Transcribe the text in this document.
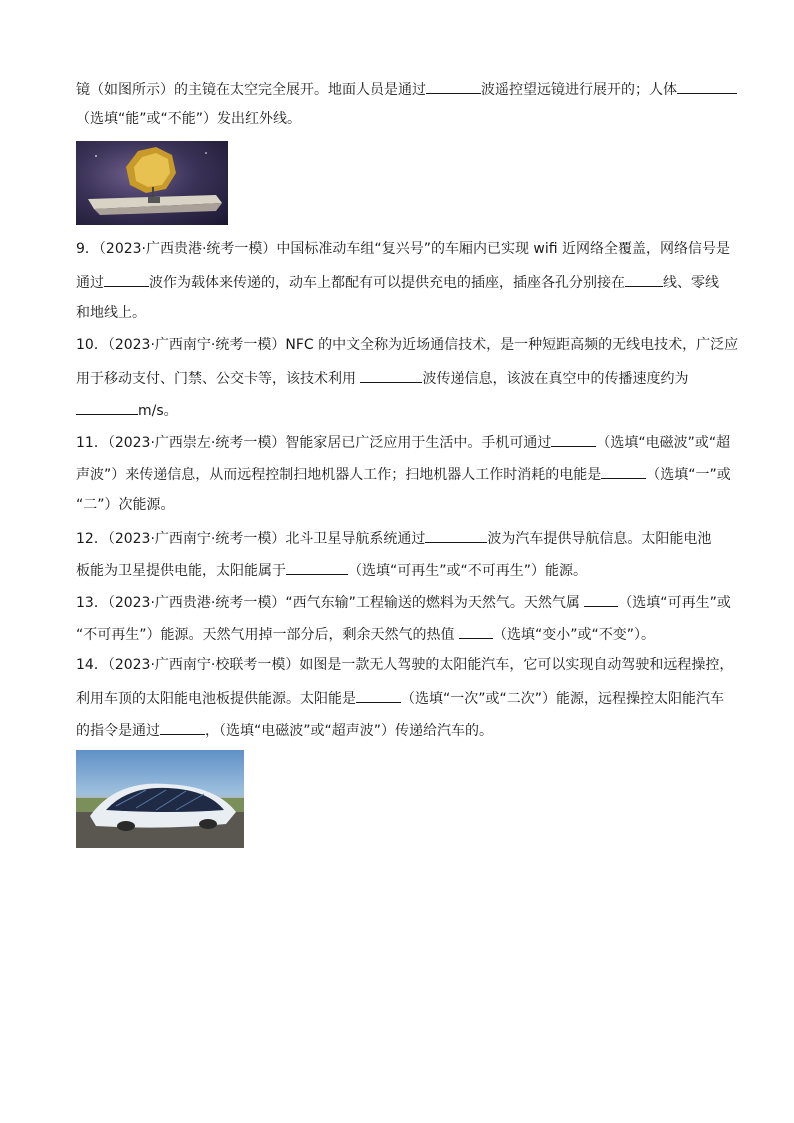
镜（如图所示）的主镜在太空完全展开。地面人员是通过	波遥控望远镜进行展开的；人体
（选填“能”或“不能”）发出红外线。
9．（2023·广西贵港·统考一模）中国标准动车组“复兴号”的车厢内已实现 wifi 近网络全覆盖，网络信号是
通过	波作为载体来传递的，动车上都配有可以提供充电的插座，插座各孔分别接在	线、零线
和地线上。
10．（2023·广西南宁·统考一模）NFC 的中文全称为近场通信技术，是一种短距高频的无线电技术，广泛应
用于移动支付、门禁、公交卡等，该技术利用	波传递信息，该波在真空中的传播速度约为
m/s。
11．（2023·广西崇左·统考一模）智能家居已广泛应用于生活中。手机可通过	（选填“电磁波”或“超
声波”）来传递信息，从而远程控制扫地机器人工作；扫地机器人工作时消耗的电能是	（选填“一”或
“二”）次能源。
12．（2023·广西南宁·统考一模）北斗卫星导航系统通过	波为汽车提供导航信息。太阳能电池
板能为卫星提供电能，太阳能属于	（选填“可再生”或“不可再生”）能源。
13．（2023·广西贵港·统考一模）“西气东输”工程输送的燃料为天然气。天然气属 （选填“可再生”或
“不可再生”）能源。天然气用掉一部分后，剩余天然气的热值 （选填“变小”或“不变”）。
14．（2023·广西南宁·校联考一模）如图是一款无人驾驶的太阳能汽车，它可以实现自动驾驶和远程操控，
利用车顶的太阳能电池板提供能源。太阳能是	（选填“一次”或“二次”）能源，远程操控太阳能汽车
的指令是通过	，（选填“电磁波”或“超声波”）传递给汽车的。
